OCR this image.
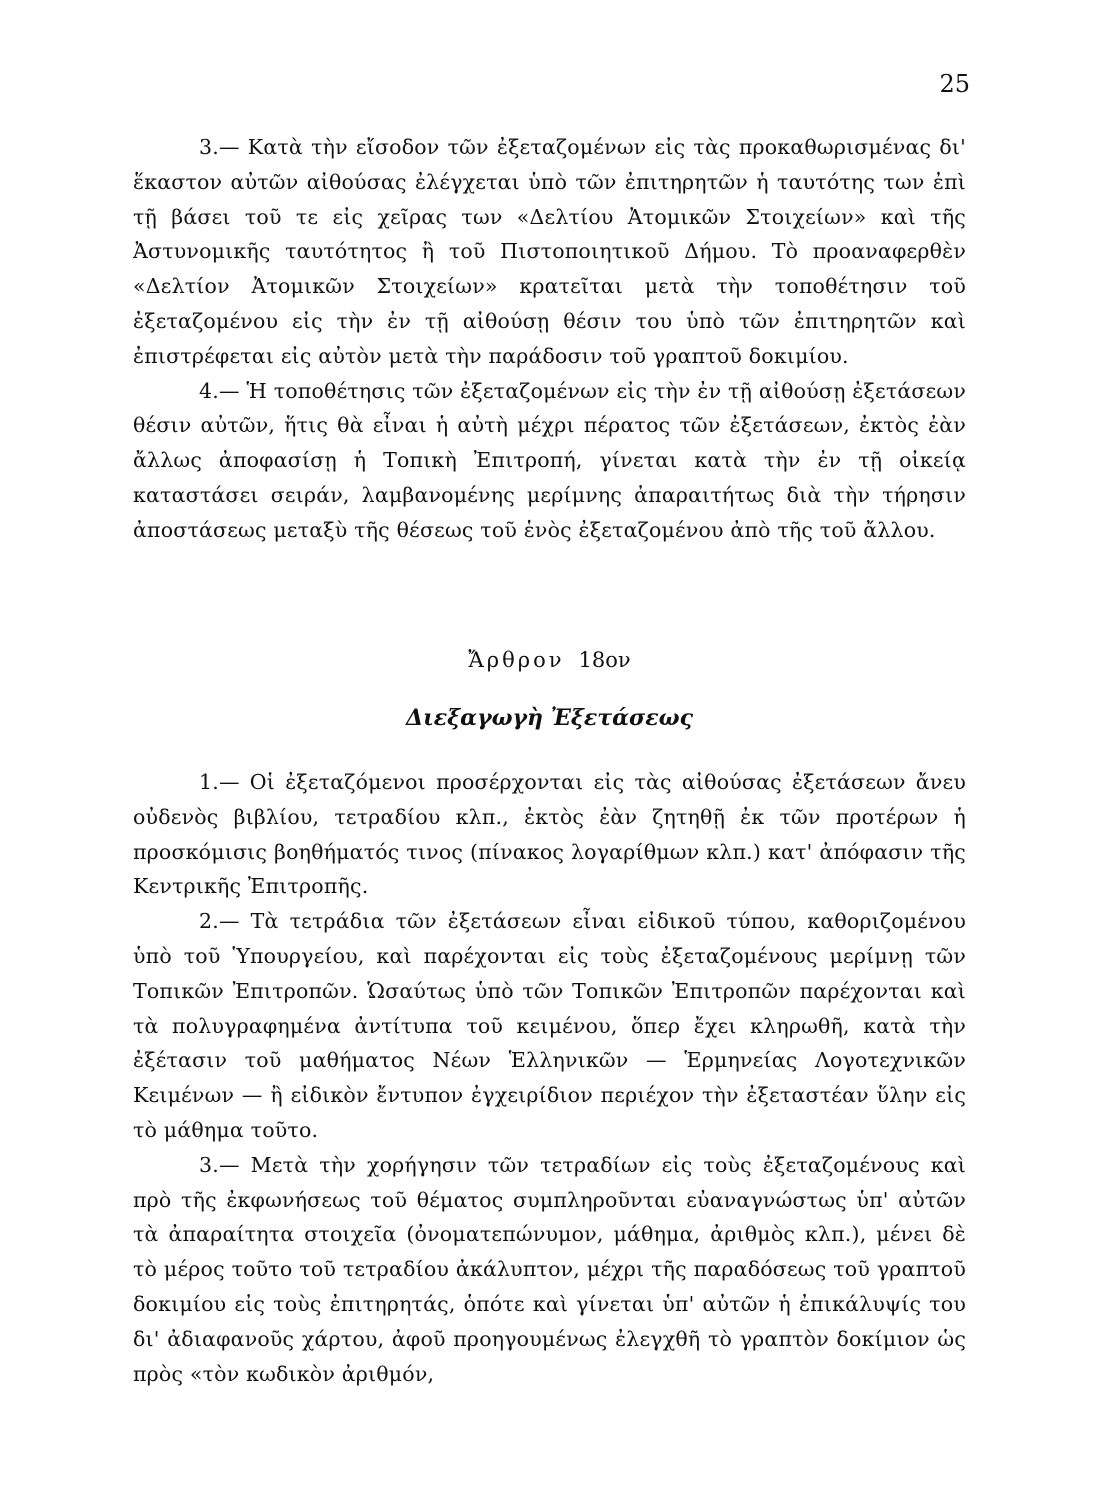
25

3.— Κατὰ τὴν εἴσοδον τῶν ἐξεταζομένων εἰς τὰς προκαθωρισμένας δι' ἕκαστον αὐτῶν αἰθούσας ἐλέγχεται ὑπὸ τῶν ἐπιτηρητῶν ἡ ταυτότης των ἐπὶ τῇ βάσει τοῦ τε εἰς χεῖρας των «Δελτίου Ἀτομικῶν Στοιχείων» καὶ τῆς Ἀστυνομικῆς ταυτότητος ἢ τοῦ Πιστοποιητικοῦ Δήμου. Τὸ προαναφερθὲν «Δελτίον Ἀτομικῶν Στοιχείων» κρατεῖται μετὰ τὴν τοποθέτησιν τοῦ ἐξεταζομένου εἰς τὴν ἐν τῇ αἰθούσῃ θέσιν του ὑπὸ τῶν ἐπιτηρητῶν καὶ ἐπιστρέφεται εἰς αὐτὸν μετὰ τὴν παράδοσιν τοῦ γραπτοῦ δοκιμίου.

4.— Ἡ τοποθέτησις τῶν ἐξεταζομένων εἰς τὴν ἐν τῇ αἰθούσῃ ἐξετάσεων θέσιν αὐτῶν, ἥτις θὰ εἶναι ἡ αὐτὴ μέχρι πέρατος τῶν ἐξετάσεων, ἐκτὸς ἐὰν ἄλλως ἀποφασίσῃ ἡ Τοπικὴ Ἐπιτροπή, γίνεται κατὰ τὴν ἐν τῇ οἰκείᾳ καταστάσει σειράν, λαμβανομένης μερίμνης ἀπαραιτήτως διὰ τὴν τήρησιν ἀποστάσεως μεταξὺ τῆς θέσεως τοῦ ἑνὸς ἐξεταζομένου ἀπὸ τῆς τοῦ ἄλλου.

Ἄρθρον 18ον
Διεξαγωγὴ Ἐξετάσεως

1.— Οἱ ἐξεταζόμενοι προσέρχονται εἰς τὰς αἰθούσας ἐξετάσεων ἄνευ οὐδενὸς βιβλίου, τετραδίου κλπ., ἐκτὸς ἐὰν ζητηθῇ ἐκ τῶν προτέρων ἡ προσκόμισις βοηθήματός τινος (πίνακος λογαρίθμων κλπ.) κατ' ἀπόφασιν τῆς Κεντρικῆς Ἐπιτροπῆς.

2.— Τὰ τετράδια τῶν ἐξετάσεων εἶναι εἰδικοῦ τύπου, καθοριζομένου ὑπὸ τοῦ Ὑπουργείου, καὶ παρέχονται εἰς τοὺς ἐξεταζομένους μερίμνῃ τῶν Τοπικῶν Ἐπιτροπῶν. Ὡσαύτως ὑπὸ τῶν Τοπικῶν Ἐπιτροπῶν παρέχονται καὶ τὰ πολυγραφημένα ἀντίτυπα τοῦ κειμένου, ὅπερ ἔχει κληρωθῆ, κατὰ τὴν ἐξέτασιν τοῦ μαθήματος Νέων Ἑλληνικῶν — Ἑρμηνείας Λογοτεχνικῶν Κειμένων — ἢ εἰδικὸν ἔντυπον ἐγχειρίδιον περιέχον τὴν ἐξεταστέαν ὕλην εἰς τὸ μάθημα τοῦτο.

3.— Μετὰ τὴν χορήγησιν τῶν τετραδίων εἰς τοὺς ἐξεταζομένους καὶ πρὸ τῆς ἐκφωνήσεως τοῦ θέματος συμπληροῦνται εὐαναγνώστως ὑπ' αὐτῶν τὰ ἀπαραίτητα στοιχεῖα (ὀνοματεπώνυμον, μάθημα, ἀριθμὸς κλπ.), μένει δὲ τὸ μέρος τοῦτο τοῦ τετραδίου ἀκάλυπτον, μέχρι τῆς παραδόσεως τοῦ γραπτοῦ δοκιμίου εἰς τοὺς ἐπιτηρητάς, ὁπότε καὶ γίνεται ὑπ' αὐτῶν ἡ ἐπικάλυψίς του δι' ἀδιαφανοῦς χάρτου, ἀφοῦ προηγουμένως ἐλεγχθῆ τὸ γραπτὸν δοκίμιον ὡς πρὸς «τὸν κωδικὸν ἀριθμόν,
